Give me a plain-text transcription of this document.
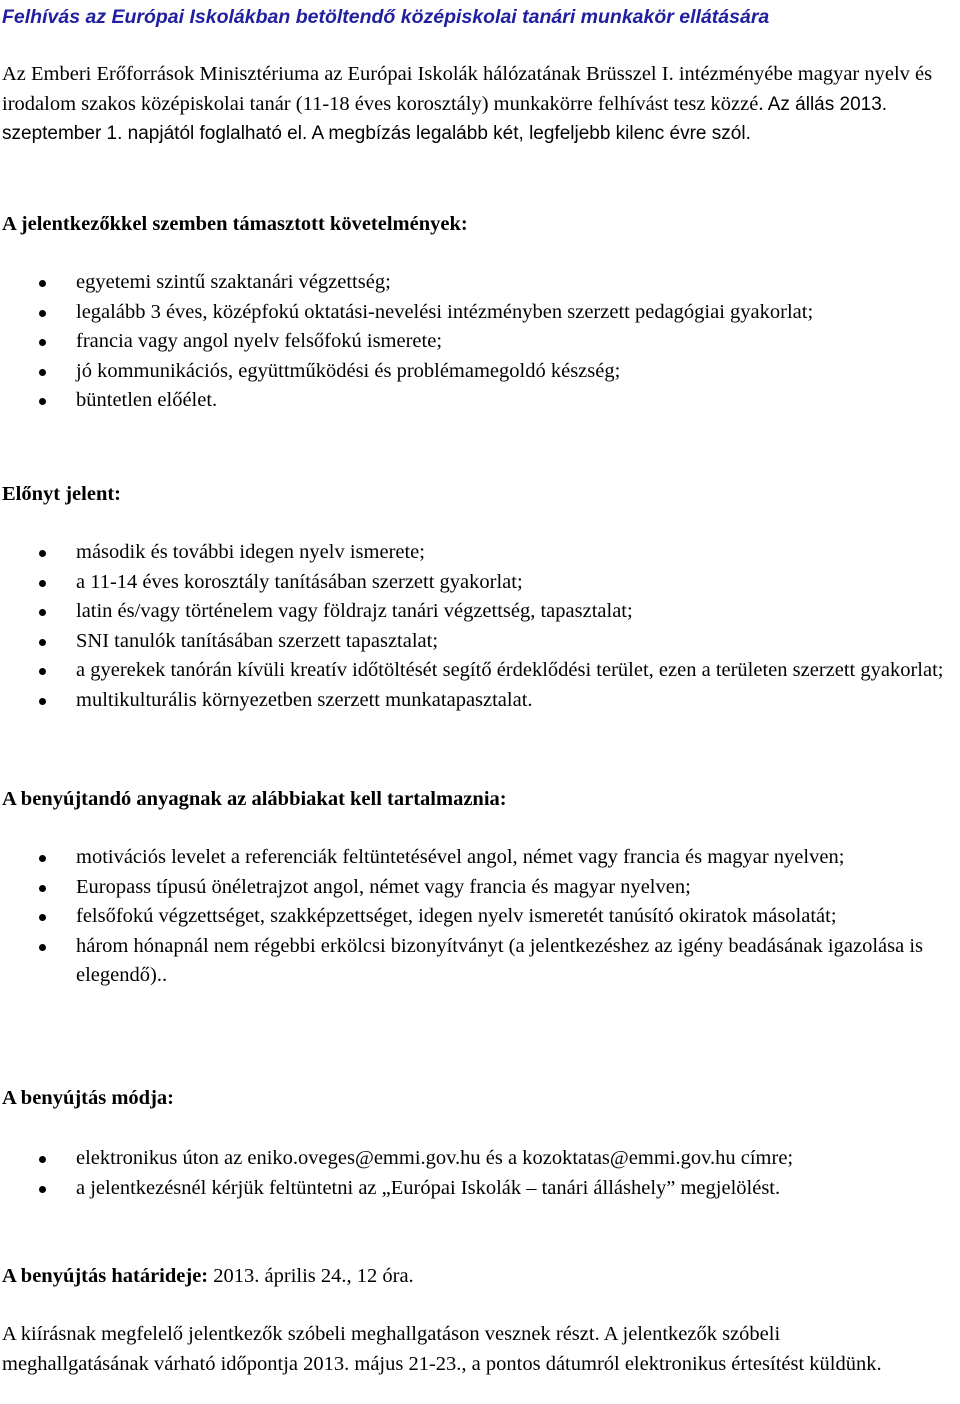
Felhívás az Európai Iskolákban betöltendő középiskolai tanári munkakör ellátására
Az Emberi Erőforrások Minisztériuma az Európai Iskolák hálózatának Brüsszel I. intézményébe magyar nyelv és irodalom szakos középiskolai tanár (11-18 éves korosztály) munkakörre felhívást tesz közzé. Az állás 2013. szeptember 1. napjától foglalható el. A megbízás legalább két, legfeljebb kilenc évre szól.
A jelentkezőkkel szemben támasztott követelmények:
egyetemi szintű szaktanári végzettség;
legalább 3 éves, középfokú oktatási-nevelési intézményben szerzett pedagógiai gyakorlat;
francia vagy angol nyelv felsőfokú ismerete;
jó kommunikációs, együttműködési és problémamegoldó készség;
büntetlen előélet.
Előnyt jelent:
második és további idegen nyelv ismerete;
a 11-14 éves korosztály tanításában szerzett gyakorlat;
latin és/vagy történelem vagy földrajz tanári végzettség, tapasztalat;
SNI tanulók tanításában szerzett tapasztalat;
a gyerekek tanórán kívüli kreatív időtöltését segítő érdeklődési terület, ezen a területen szerzett gyakorlat;
multikulturális környezetben szerzett munkatapasztalat.
A benyújtandó anyagnak az alábbiakat kell tartalmaznia:
motivációs levelet a referenciák feltüntetésével angol, német vagy francia és magyar nyelven;
Europass típusú önéletrajzot angol, német vagy francia és magyar nyelven;
felsőfokú végzettséget, szakképzettséget, idegen nyelv ismeretét tanúsító okiratok másolatát;
három hónapnál nem régebbi erkölcsi bizonyítványt (a jelentkezéshez az igény beadásának igazolása is elegendő)..
A benyújtás módja:
elektronikus úton az eniko.oveges@emmi.gov.hu és a kozoktatas@emmi.gov.hu címre;
a jelentkezésnél kérjük feltüntetni az „Európai Iskolák – tanári álláshely” megjelölést.
A benyújtás határideje: 2013. április 24., 12 óra.
A kiírásnak megfelelő jelentkezők szóbeli meghallgatáson vesznek részt. A jelentkezők szóbeli meghallgatásának várható időpontja 2013. május 21-23., a pontos dátumról elektronikus értesítést küldünk.
